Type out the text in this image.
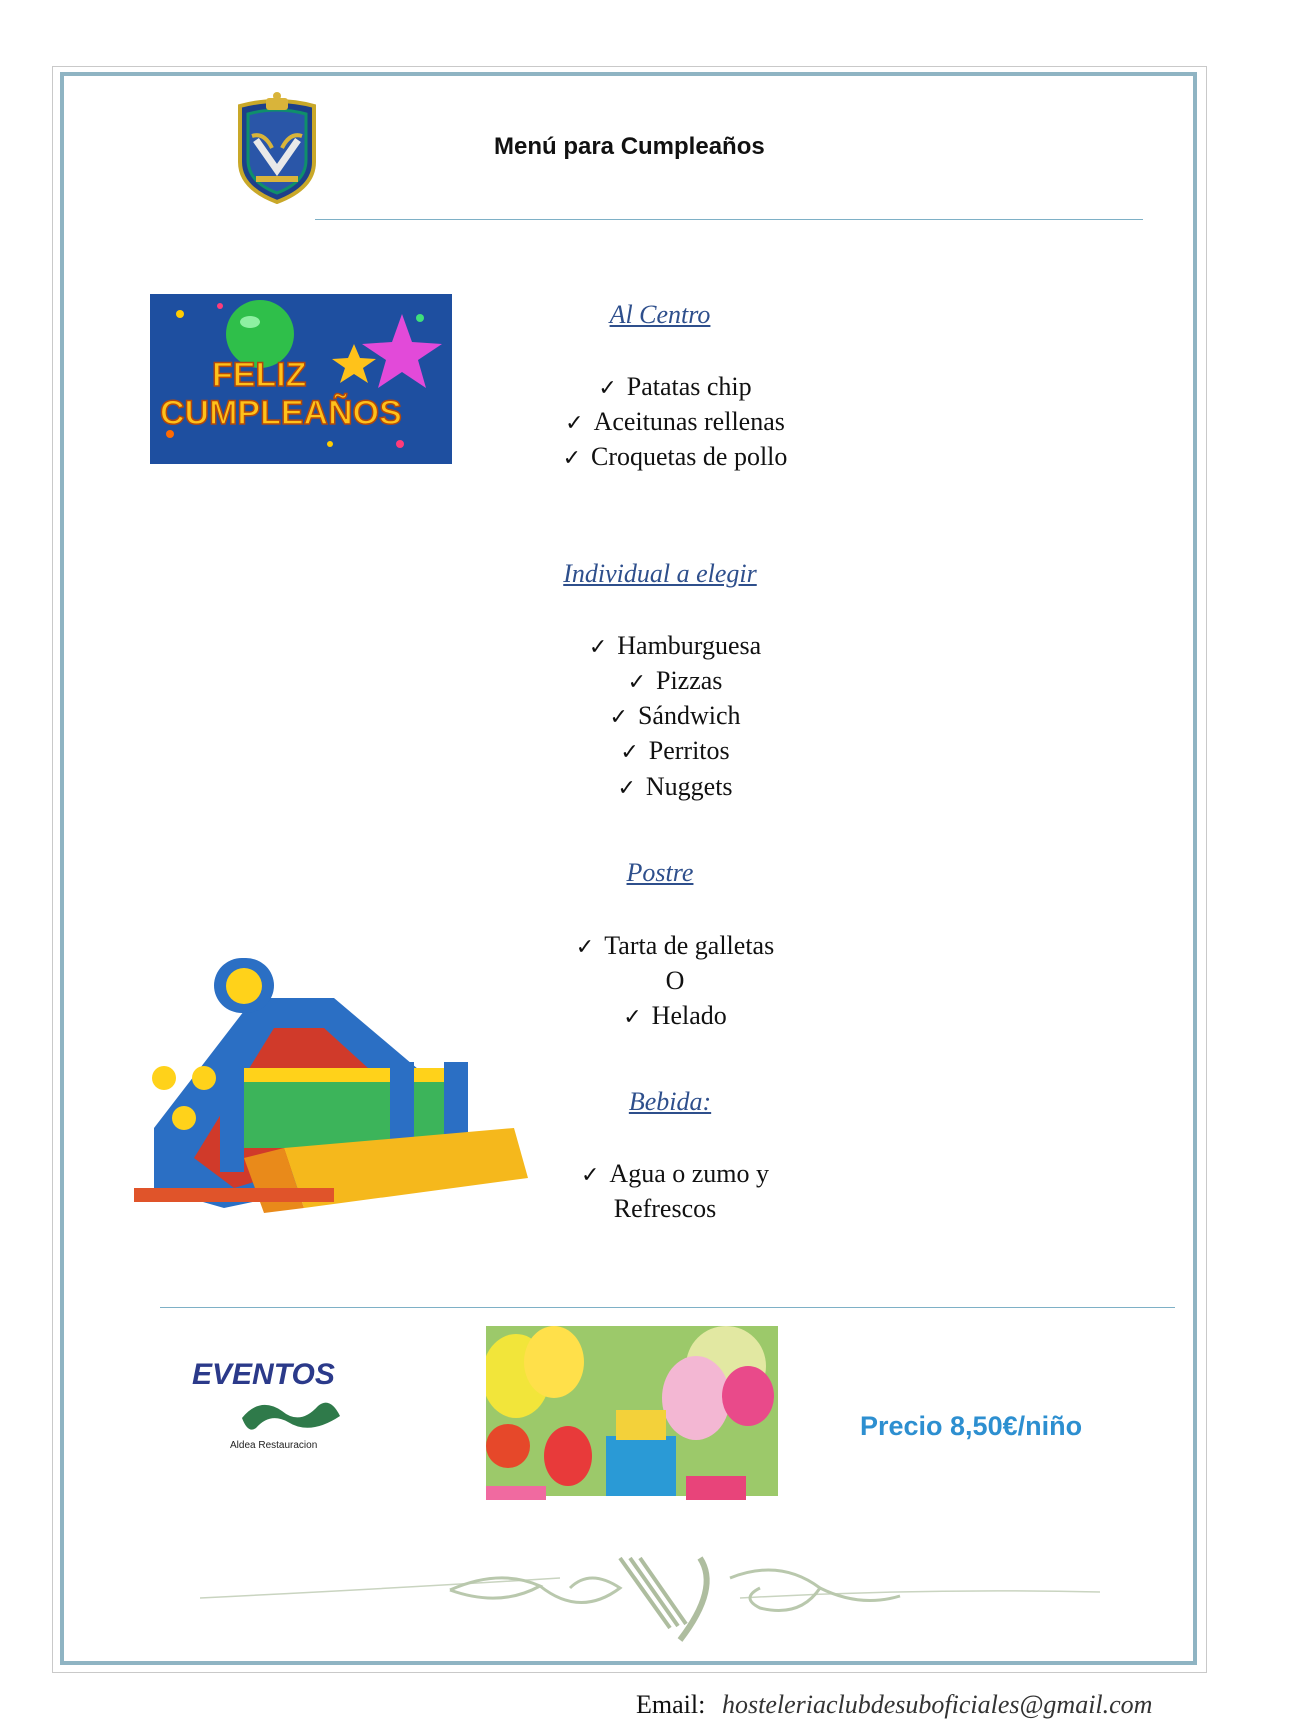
Menú para Cumpleaños
FELIZ
CUMPLEAÑOS
Al Centro
✓ Patatas chip
✓ Aceitunas rellenas
✓ Croquetas de pollo
Individual a elegir
✓ Hamburguesa
✓ Pizzas
✓ Sándwich
✓ Perritos
✓ Nuggets
Postre
✓ Tarta de galletas
O
✓ Helado
Bebida:
✓ Agua o zumo y
Refrescos
EVENTOS
Aldea Restauracion
Precio 8,50€/niño
Email: hosteleriaclubdesuboficiales@gmail.com
